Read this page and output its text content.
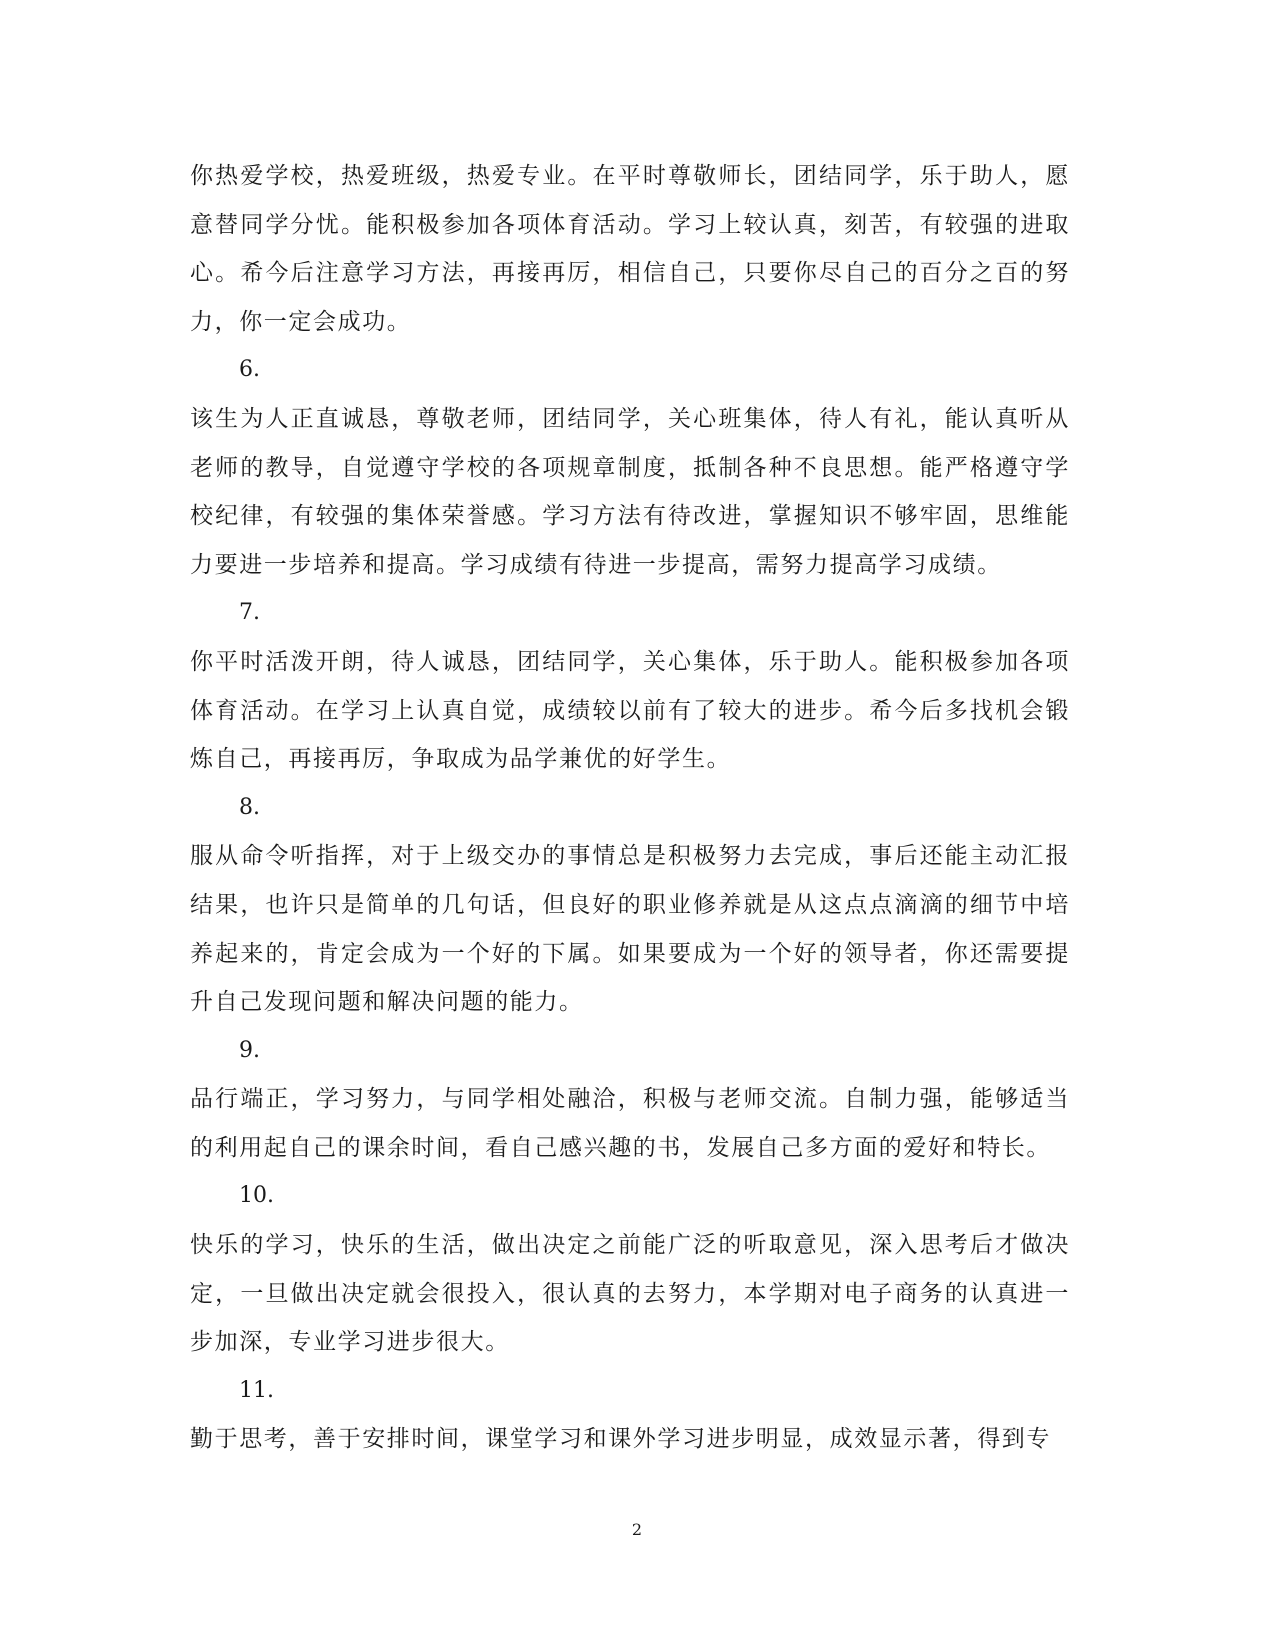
你热爱学校，热爱班级，热爱专业。在平时尊敬师长，团结同学，乐于助人，愿意替同学分忧。能积极参加各项体育活动。学习上较认真，刻苦，有较强的进取心。希今后注意学习方法，再接再厉，相信自己，只要你尽自己的百分之百的努力，你一定会成功。

6.

该生为人正直诚恳，尊敬老师，团结同学，关心班集体，待人有礼，能认真听从老师的教导，自觉遵守学校的各项规章制度，抵制各种不良思想。能严格遵守学校纪律，有较强的集体荣誉感。学习方法有待改进，掌握知识不够牢固，思维能力要进一步培养和提高。学习成绩有待进一步提高，需努力提高学习成绩。

7.

你平时活泼开朗，待人诚恳，团结同学，关心集体，乐于助人。能积极参加各项体育活动。在学习上认真自觉，成绩较以前有了较大的进步。希今后多找机会锻炼自己，再接再厉，争取成为品学兼优的好学生。

8.

服从命令听指挥，对于上级交办的事情总是积极努力去完成，事后还能主动汇报结果，也许只是简单的几句话，但良好的职业修养就是从这点点滴滴的细节中培养起来的，肯定会成为一个好的下属。如果要成为一个好的领导者，你还需要提升自己发现问题和解决问题的能力。

9.

品行端正，学习努力，与同学相处融洽，积极与老师交流。自制力强，能够适当的利用起自己的课余时间，看自己感兴趣的书，发展自己多方面的爱好和特长。

10.

快乐的学习，快乐的生活，做出决定之前能广泛的听取意见，深入思考后才做决定，一旦做出决定就会很投入，很认真的去努力，本学期对电子商务的认真进一步加深，专业学习进步很大。

11.

勤于思考，善于安排时间，课堂学习和课外学习进步明显，成效显示著，得到专

2
